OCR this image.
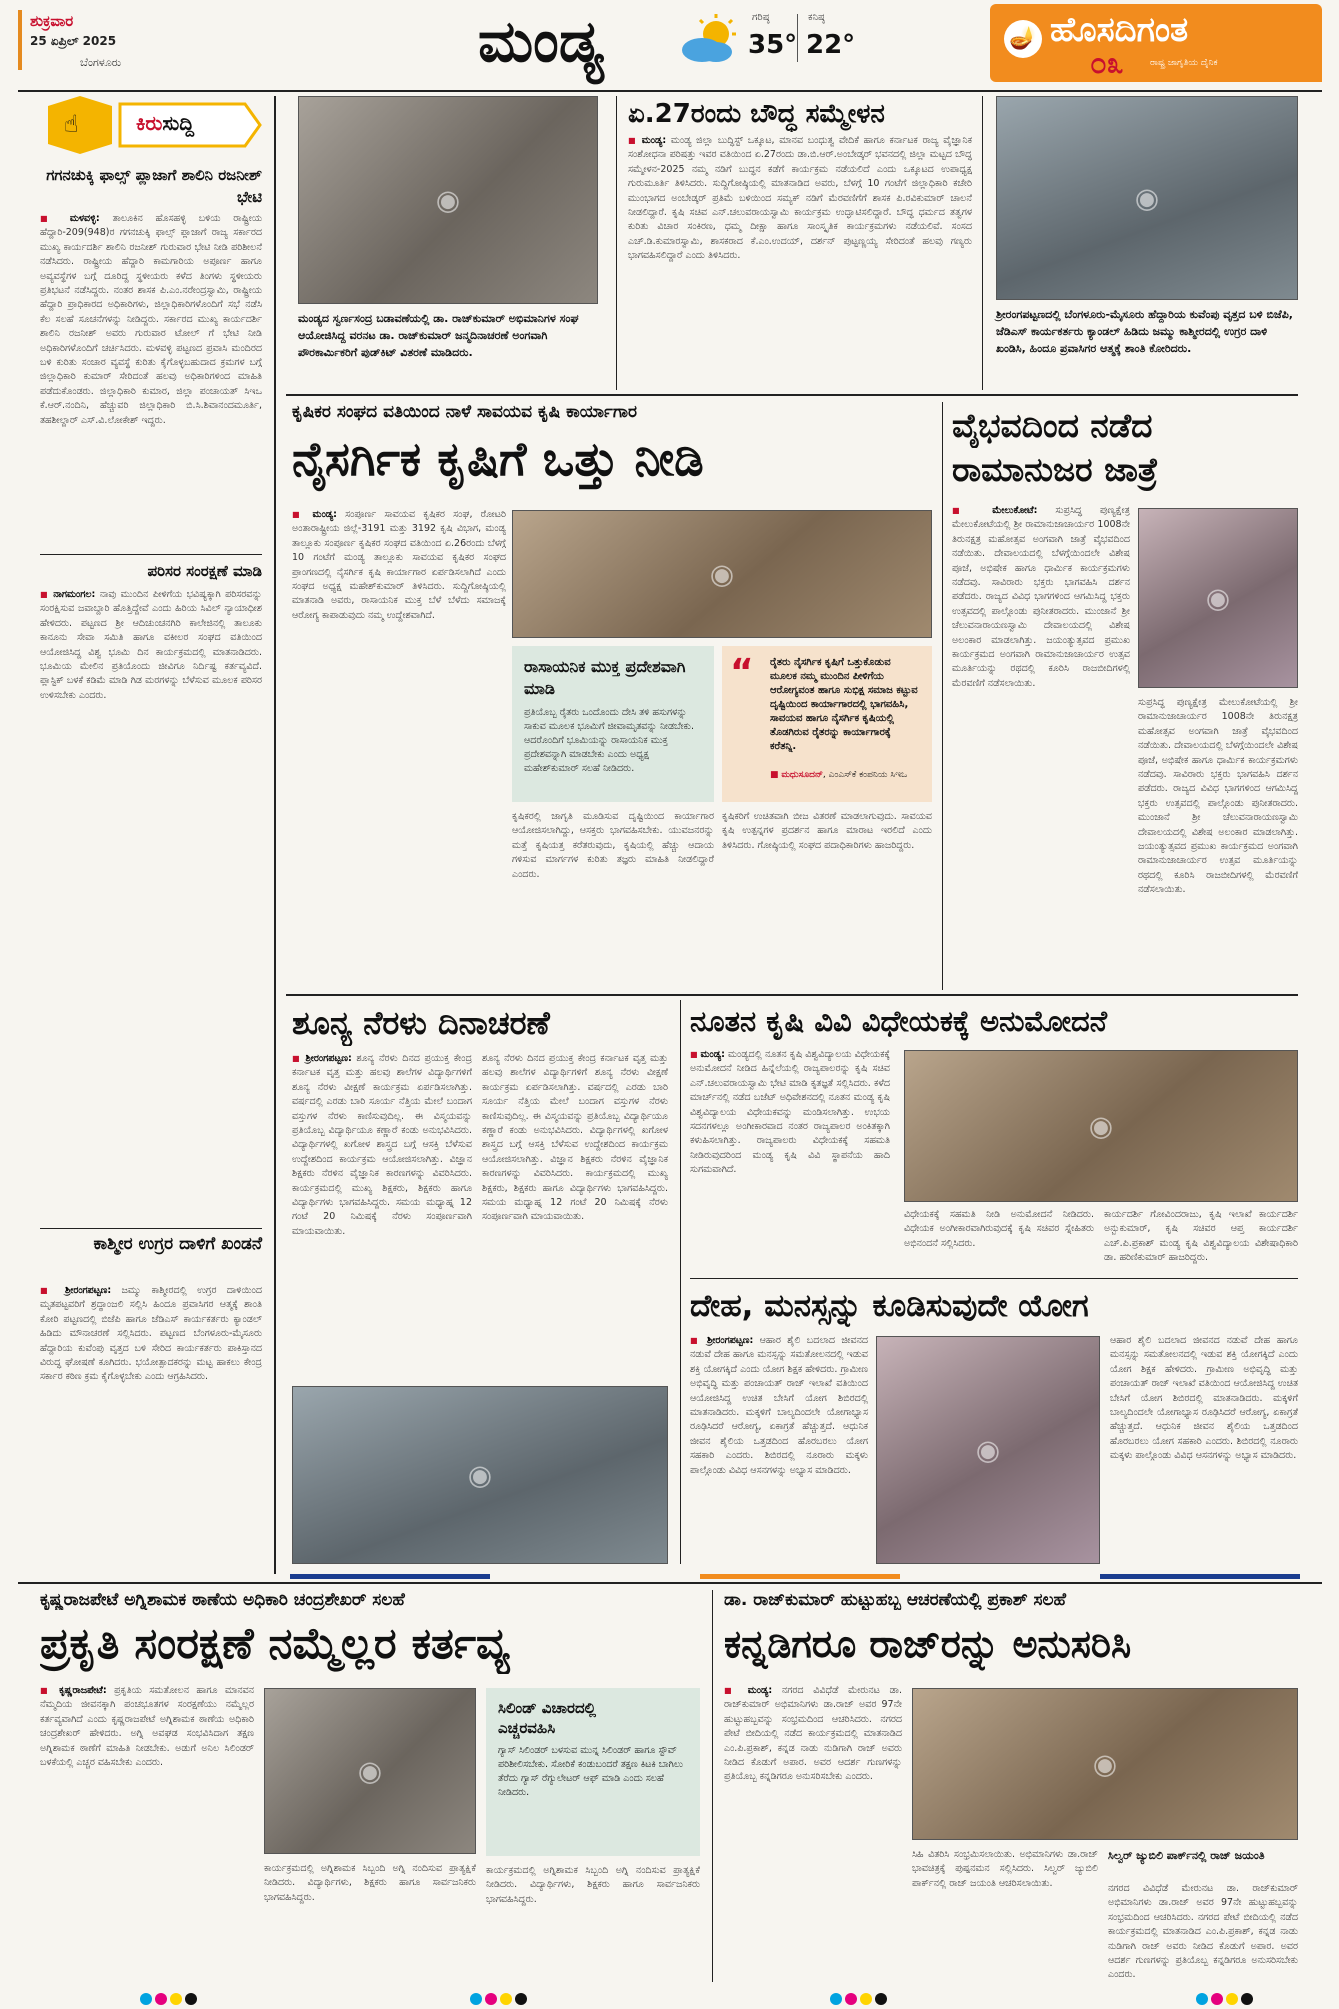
ಶುಕ್ರವಾರ
25 ಏಪ್ರಿಲ್ 2025
ಬೆಂಗಳೂರು	ಮಂಡ್ಯ	ಗರಿಷ್ಠ
35°
ಕನಿಷ್ಠ
22°	🪔 ಹೊಸದಿಗಂತ
ರಾಷ್ಟ್ರ ಜಾಗೃತಿಯ ದೈನಿಕ
೦೩
☝	ಕಿರುಸುದ್ದಿ
ಗಗನಚುಕ್ಕಿ ಫಾಲ್ಸ್ ಪ್ಲಾಜಾಗೆ ಶಾಲಿನಿ ರಜನೀಶ್ ಭೇಟಿ
■ ಮಳವಳ್ಳಿ: ತಾಲೂಕಿನ ಹೊಸಹಳ್ಳಿ ಬಳಿಯ ರಾಷ್ಟ್ರೀಯ ಹೆದ್ದಾರಿ-209(948)ರ ಗಗನಚುಕ್ಕಿ ಫಾಲ್ಸ್ ಪ್ಲಾಜಾಗೆ ರಾಜ್ಯ ಸರ್ಕಾರದ ಮುಖ್ಯ ಕಾರ್ಯದರ್ಶಿ ಶಾಲಿನಿ ರಜನೀಶ್ ಗುರುವಾರ ಭೇಟಿ ನೀಡಿ ಪರಿಶೀಲನೆ ನಡೆಸಿದರು. ರಾಷ್ಟ್ರೀಯ ಹೆದ್ದಾರಿ ಕಾಮಗಾರಿಯ ಅಪೂರ್ಣ ಹಾಗೂ ಅವ್ಯವಸ್ಥೆಗಳ ಬಗ್ಗೆ ದೂರಿದ್ದ ಸ್ಥಳೀಯರು ಕಳೆದ ತಿಂಗಳು ಸ್ಥಳೀಯರು ಪ್ರತಿಭಟನೆ ನಡೆಸಿದ್ದರು. ನಂತರ ಶಾಸಕ ಪಿ.ಎಂ.ನರೇಂದ್ರಸ್ವಾಮಿ, ರಾಷ್ಟ್ರೀಯ ಹೆದ್ದಾರಿ ಪ್ರಾಧಿಕಾರದ ಅಧಿಕಾರಿಗಳು, ಜಿಲ್ಲಾಧಿಕಾರಿಗಳೊಂದಿಗೆ ಸಭೆ ನಡೆಸಿ ಕೆಲ ಸಲಹೆ ಸೂಚನೆಗಳನ್ನು ನೀಡಿದ್ದರು. ಸರ್ಕಾರದ ಮುಖ್ಯ ಕಾರ್ಯದರ್ಶಿ ಶಾಲಿನಿ ರಜನೀಶ್ ಅವರು ಗುರುವಾರ ಟೋಲ್ ಗೆ ಭೇಟಿ ನೀಡಿ ಅಧಿಕಾರಿಗಳೊಂದಿಗೆ ಚರ್ಚಿಸಿದರು. ಮಳವಳ್ಳಿ ಪಟ್ಟಣದ ಪ್ರವಾಸಿ ಮಂದಿರದ ಬಳಿ ಕುರಿತು ಸಂಚಾರ ವ್ಯವಸ್ಥೆ ಕುರಿತು ಕೈಗೊಳ್ಳಬಹುದಾದ ಕ್ರಮಗಳ ಬಗ್ಗೆ ಜಿಲ್ಲಾಧಿಕಾರಿ ಕುಮಾರ್ ಸೇರಿದಂತೆ ಹಲವು ಅಧಿಕಾರಿಗಳಿಂದ ಮಾಹಿತಿ ಪಡೆದುಕೊಂಡರು. ಜಿಲ್ಲಾಧಿಕಾರಿ ಕುಮಾರ, ಜಿಲ್ಲಾ ಪಂಚಾಯತ್ ಸಿಇಒ ಕೆ.ಆರ್.ನಂದಿನಿ, ಹೆಚ್ಚುವರಿ ಜಿಲ್ಲಾಧಿಕಾರಿ ಬಿ.ಸಿ.ಶಿವಾನಂದಮೂರ್ತಿ, ತಹಶೀಲ್ದಾರ್ ಎಸ್.ವಿ.ಲೋಕೇಶ್ ಇದ್ದರು.
ಪರಿಸರ ಸಂರಕ್ಷಣೆ ಮಾಡಿ
■ ನಾಗಮಂಗಲ: ನಾವು ಮುಂದಿನ ಪೀಳಿಗೆಯ ಭವಿಷ್ಯಕ್ಕಾಗಿ ಪರಿಸರವನ್ನು ಸಂರಕ್ಷಿಸುವ ಜವಾಬ್ದಾರಿ ಹೊತ್ತಿದ್ದೇವೆ ಎಂದು ಹಿರಿಯ ಸಿವಿಲ್ ನ್ಯಾಯಾಧೀಶ ಹೇಳಿದರು. ಪಟ್ಟಣದ ಶ್ರೀ ಆದಿಚುಂಚನಗಿರಿ ಕಾಲೇಜಿನಲ್ಲಿ ತಾಲೂಕು ಕಾನೂನು ಸೇವಾ ಸಮಿತಿ ಹಾಗೂ ವಕೀಲರ ಸಂಘದ ವತಿಯಿಂದ ಆಯೋಜಿಸಿದ್ದ ವಿಶ್ವ ಭೂಮಿ ದಿನ ಕಾರ್ಯಕ್ರಮದಲ್ಲಿ ಮಾತನಾಡಿದರು. ಭೂಮಿಯ ಮೇಲಿನ ಪ್ರತಿಯೊಂದು ಜೀವಿಗೂ ನಿರ್ದಿಷ್ಟ ಕರ್ತವ್ಯವಿದೆ. ಪ್ಲಾಸ್ಟಿಕ್ ಬಳಕೆ ಕಡಿಮೆ ಮಾಡಿ ಗಿಡ ಮರಗಳನ್ನು ಬೆಳೆಸುವ ಮೂಲಕ ಪರಿಸರ ಉಳಿಸಬೇಕು ಎಂದರು.
ಕಾಶ್ಮೀರ ಉಗ್ರರ ದಾಳಿಗೆ ಖಂಡನೆ
■ ಶ್ರೀರಂಗಪಟ್ಟಣ: ಜಮ್ಮು ಕಾಶ್ಮೀರದಲ್ಲಿ ಉಗ್ರರ ದಾಳಿಯಿಂದ ಮೃತಪಟ್ಟವರಿಗೆ ಶ್ರದ್ಧಾಂಜಲಿ ಸಲ್ಲಿಸಿ ಹಿಂದೂ ಪ್ರವಾಸಿಗರ ಆತ್ಮಕ್ಕೆ ಶಾಂತಿ ಕೋರಿ ಪಟ್ಟಣದಲ್ಲಿ ಬಿಜೆಪಿ ಹಾಗೂ ಜೆಡಿಎಸ್ ಕಾರ್ಯಕರ್ತರು ಕ್ಯಾಂಡಲ್ ಹಿಡಿದು ಮೌನಾಚರಣೆ ಸಲ್ಲಿಸಿದರು. ಪಟ್ಟಣದ ಬೆಂಗಳೂರು-ಮೈಸೂರು ಹೆದ್ದಾರಿಯ ಕುವೆಂಪು ವೃತ್ತದ ಬಳಿ ಸೇರಿದ ಕಾರ್ಯಕರ್ತರು ಪಾಕಿಸ್ತಾನದ ವಿರುದ್ಧ ಘೋಷಣೆ ಕೂಗಿದರು. ಭಯೋತ್ಪಾದಕರನ್ನು ಮಟ್ಟ ಹಾಕಲು ಕೇಂದ್ರ ಸರ್ಕಾರ ಕಠಿಣ ಕ್ರಮ ಕೈಗೊಳ್ಳಬೇಕು ಎಂದು ಆಗ್ರಹಿಸಿದರು.
◉
ಮಂಡ್ಯದ ಸ್ವರ್ಣಸಂದ್ರ ಬಡಾವಣೆಯಲ್ಲಿ ಡಾ. ರಾಜ್‌ಕುಮಾರ್ ಅಭಿಮಾನಿಗಳ ಸಂಘ ಆಯೋಜಿಸಿದ್ದ ವರನಟ ಡಾ. ರಾಜ್‌ಕುಮಾರ್ ಜನ್ಮದಿನಾಚರಣೆ ಅಂಗವಾಗಿ ಪೌರಕಾರ್ಮಿಕರಿಗೆ ಪುಡ್‌ಕಿಟ್ ವಿತರಣೆ ಮಾಡಿದರು.
ಏ.27ರಂದು ಬೌದ್ಧ ಸಮ್ಮೇಳನ
■ ಮಂಡ್ಯ: ಮಂಡ್ಯ ಜಿಲ್ಲಾ ಬುದ್ಧಿಸ್ಟ್ ಒಕ್ಕೂಟ, ಮಾನವ ಬಂಧುತ್ವ ವೇದಿಕೆ ಹಾಗೂ ಕರ್ನಾಟಕ ರಾಜ್ಯ ವೈಜ್ಞಾನಿಕ ಸಂಶೋಧನಾ ಪರಿಷತ್ತು ಇವರ ವತಿಯಿಂದ ಏ.27ರಂದು ಡಾ.ಬಿ.ಆರ್.ಅಂಬೇಡ್ಕರ್ ಭವನದಲ್ಲಿ ಜಿಲ್ಲಾ ಮಟ್ಟದ ಬೌದ್ಧ ಸಮ್ಮೇಳನ-2025 ನಮ್ಮ ನಡಿಗೆ ಬುದ್ಧನ ಕಡೆಗೆ ಕಾರ್ಯಕ್ರಮ ನಡೆಯಲಿದೆ ಎಂದು ಒಕ್ಕೂಟದ ಉಪಾಧ್ಯಕ್ಷ ಗುರುಮೂರ್ತಿ ತಿಳಿಸಿದರು. ಸುದ್ದಿಗೋಷ್ಠಿಯಲ್ಲಿ ಮಾತನಾಡಿದ ಅವರು, ಬೆಳಗ್ಗೆ 10 ಗಂಟೆಗೆ ಜಿಲ್ಲಾಧಿಕಾರಿ ಕಚೇರಿ ಮುಂಭಾಗದ ಅಂಬೇಡ್ಕರ್ ಪ್ರತಿಮೆ ಬಳಿಯಿಂದ ಸಮ್ಯಕ್ ನಡಿಗೆ ಮೆರವಣಿಗೆಗೆ ಶಾಸಕ ಪಿ.ರವಿಕುಮಾರ್ ಚಾಲನೆ ನೀಡಲಿದ್ದಾರೆ. ಕೃಷಿ ಸಚಿವ ಎನ್.ಚಲುವರಾಯಸ್ವಾಮಿ ಕಾರ್ಯಕ್ರಮ ಉದ್ಘಾಟಿಸಲಿದ್ದಾರೆ. ಬೌದ್ಧ ಧರ್ಮದ ತತ್ವಗಳ ಕುರಿತು ವಿಚಾರ ಸಂಕಿರಣ, ಧಮ್ಮ ದೀಕ್ಷಾ ಹಾಗೂ ಸಾಂಸ್ಕೃತಿಕ ಕಾರ್ಯಕ್ರಮಗಳು ನಡೆಯಲಿವೆ. ಸಂಸದ ಎಚ್.ಡಿ.ಕುಮಾರಸ್ವಾಮಿ, ಶಾಸಕರಾದ ಕೆ.ಎಂ.ಉದಯ್, ದರ್ಶನ್ ಪುಟ್ಟಣ್ಣಯ್ಯ ಸೇರಿದಂತೆ ಹಲವು ಗಣ್ಯರು ಭಾಗವಹಿಸಲಿದ್ದಾರೆ ಎಂದು ತಿಳಿಸಿದರು.
◉
ಶ್ರೀರಂಗಪಟ್ಟಣದಲ್ಲಿ ಬೆಂಗಳೂರು-ಮೈಸೂರು ಹೆದ್ದಾರಿಯ ಕುವೆಂಪು ವೃತ್ತದ ಬಳಿ ಬಿಜೆಪಿ, ಜೆಡಿಎಸ್ ಕಾರ್ಯಕರ್ತರು ಕ್ಯಾಂಡಲ್ ಹಿಡಿದು ಜಮ್ಮು ಕಾಶ್ಮೀರದಲ್ಲಿ ಉಗ್ರರ ದಾಳಿ ಖಂಡಿಸಿ, ಹಿಂದೂ ಪ್ರವಾಸಿಗರ ಆತ್ಮಕ್ಕೆ ಶಾಂತಿ ಕೋರಿದರು.
ಕೃಷಿಕರ ಸಂಘದ ವತಿಯಿಂದ ನಾಳೆ ಸಾವಯವ ಕೃಷಿ ಕಾರ್ಯಾಗಾರ
ನೈಸರ್ಗಿಕ ಕೃಷಿಗೆ ಒತ್ತು ನೀಡಿ
■ ಮಂಡ್ಯ: ಸಂಪೂರ್ಣ ಸಾವಯವ ಕೃಷಿಕರ ಸಂಘ, ರೋಟರಿ ಅಂತಾರಾಷ್ಟ್ರೀಯ ಜಿಲ್ಲೆ-3191 ಮತ್ತು 3192 ಕೃಷಿ ವಿಭಾಗ, ಮಂಡ್ಯ ತಾಲ್ಲೂಕು ಸಂಪೂರ್ಣ ಕೃಷಿಕರ ಸಂಘದ ವತಿಯಿಂದ ಏ.26ರಂದು ಬೆಳಗ್ಗೆ 10 ಗಂಟೆಗೆ ಮಂಡ್ಯ ತಾಲ್ಲೂಕು ಸಾವಯವ ಕೃಷಿಕರ ಸಂಘದ ಪ್ರಾಂಗಣದಲ್ಲಿ ನೈಸರ್ಗಿಕ ಕೃಷಿ ಕಾರ್ಯಾಗಾರ ಏರ್ಪಡಿಸಲಾಗಿದೆ ಎಂದು ಸಂಘದ ಅಧ್ಯಕ್ಷ ಮಹೇಶ್‌ಕುಮಾರ್ ತಿಳಿಸಿದರು. ಸುದ್ದಿಗೋಷ್ಠಿಯಲ್ಲಿ ಮಾತನಾಡಿ ಅವರು, ರಾಸಾಯನಿಕ ಮುಕ್ತ ಬೆಳೆ ಬೆಳೆದು ಸಮಾಜಕ್ಕೆ ಆರೋಗ್ಯ ಕಾಪಾಡುವುದು ನಮ್ಮ ಉದ್ದೇಶವಾಗಿದೆ.
◉
ರಾಸಾಯನಿಕ ಮುಕ್ತ ಪ್ರದೇಶವಾಗಿ ಮಾಡಿ
ಪ್ರತಿಯೊಬ್ಬ ರೈತರು ಒಂದೊಂದು ದೇಸಿ ತಳಿ ಹಸುಗಳನ್ನು ಸಾಕುವ ಮೂಲಕ ಭೂಮಿಗೆ ಜೀವಾಮೃತವನ್ನು ನೀಡಬೇಕು. ಆದರೊಂದಿಗೆ ಭೂಮಿಯನ್ನು ರಾಸಾಯನಿಕ ಮುಕ್ತ ಪ್ರದೇಶವನ್ನಾಗಿ ಮಾಡಬೇಕು ಎಂದು ಅಧ್ಯಕ್ಷ ಮಹೇಶ್‌ಕುಮಾರ್ ಸಲಹೆ ನೀಡಿದರು.
“ ರೈತರು ನೈಸರ್ಗಿಕ ಕೃಷಿಗೆ ಒತ್ತುಕೊಡುವ ಮೂಲಕ ನಮ್ಮ ಮುಂದಿನ ಪೀಳಿಗೆಯ ಆರೋಗ್ಯವಂತ ಹಾಗೂ ಸುಭಿಕ್ಷ ಸಮಾಜ ಕಟ್ಟುವ ದೃಷ್ಟಿಯಿಂದ ಕಾರ್ಯಾಗಾರದಲ್ಲಿ ಭಾಗವಹಿಸಿ, ಸಾವಯವ ಹಾಗೂ ನೈಸರ್ಗಿಕ ಕೃಷಿಯಲ್ಲಿ ತೊಡಗಿರುವ ರೈತರನ್ನು ಕಾರ್ಯಾಗಾರಕ್ಕೆ ಕರೆತನ್ನಿ.
■ ಮಧುಸೂದನ್, ಎಂಎಸ್‌ಕೆ ಕಂಪನಿಯ ಸಿಇಒ
ಕೃಷಿಕರಲ್ಲಿ ಜಾಗೃತಿ ಮೂಡಿಸುವ ದೃಷ್ಟಿಯಿಂದ ಕಾರ್ಯಾಗಾರ ಆಯೋಜಿಸಲಾಗಿದ್ದು, ಆಸಕ್ತರು ಭಾಗವಹಿಸಬೇಕು. ಯುವಜನರನ್ನು ಮತ್ತೆ ಕೃಷಿಯತ್ತ ಕರೆತರುವುದು, ಕೃಷಿಯಲ್ಲಿ ಹೆಚ್ಚು ಆದಾಯ ಗಳಿಸುವ ಮಾರ್ಗಗಳ ಕುರಿತು ತಜ್ಞರು ಮಾಹಿತಿ ನೀಡಲಿದ್ದಾರೆ ಎಂದರು.
ಕೃಷಿಕರಿಗೆ ಉಚಿತವಾಗಿ ಬೀಜ ವಿತರಣೆ ಮಾಡಲಾಗುವುದು. ಸಾವಯವ ಕೃಷಿ ಉತ್ಪನ್ನಗಳ ಪ್ರದರ್ಶನ ಹಾಗೂ ಮಾರಾಟ ಇರಲಿದೆ ಎಂದು ತಿಳಿಸಿದರು. ಗೋಷ್ಠಿಯಲ್ಲಿ ಸಂಘದ ಪದಾಧಿಕಾರಿಗಳು ಹಾಜರಿದ್ದರು.
ವೈಭವದಿಂದ ನಡೆದ
ರಾಮಾನುಜರ ಜಾತ್ರೆ
■ ಮೇಲುಕೋಟೆ: ಸುಪ್ರಸಿದ್ಧ ಪುಣ್ಯಕ್ಷೇತ್ರ ಮೇಲುಕೋಟೆಯಲ್ಲಿ ಶ್ರೀ ರಾಮಾನುಜಾಚಾರ್ಯರ 1008ನೇ ತಿರುನಕ್ಷತ್ರ ಮಹೋತ್ಸವ ಅಂಗವಾಗಿ ಜಾತ್ರೆ ವೈಭವದಿಂದ ನಡೆಯಿತು. ದೇವಾಲಯದಲ್ಲಿ ಬೆಳಗ್ಗೆಯಿಂದಲೇ ವಿಶೇಷ ಪೂಜೆ, ಅಭಿಷೇಕ ಹಾಗೂ ಧಾರ್ಮಿಕ ಕಾರ್ಯಕ್ರಮಗಳು ನಡೆದವು. ಸಾವಿರಾರು ಭಕ್ತರು ಭಾಗವಹಿಸಿ ದರ್ಶನ ಪಡೆದರು. ರಾಜ್ಯದ ವಿವಿಧ ಭಾಗಗಳಿಂದ ಆಗಮಿಸಿದ್ದ ಭಕ್ತರು ಉತ್ಸವದಲ್ಲಿ ಪಾಲ್ಗೊಂಡು ಪುನೀತರಾದರು. ಮುಂಜಾನೆ ಶ್ರೀ ಚೆಲುವನಾರಾಯಣಸ್ವಾಮಿ ದೇವಾಲಯದಲ್ಲಿ ವಿಶೇಷ ಅಲಂಕಾರ ಮಾಡಲಾಗಿತ್ತು. ಜಯಂತ್ಯುತ್ಸವದ ಪ್ರಮುಖ ಕಾರ್ಯಕ್ರಮದ ಅಂಗವಾಗಿ ರಾಮಾನುಜಾಚಾರ್ಯರ ಉತ್ಸವ ಮೂರ್ತಿಯನ್ನು ರಥದಲ್ಲಿ ಕೂರಿಸಿ ರಾಜಬೀದಿಗಳಲ್ಲಿ ಮೆರವಣಿಗೆ ನಡೆಸಲಾಯಿತು.
◉
ಸುಪ್ರಸಿದ್ಧ ಪುಣ್ಯಕ್ಷೇತ್ರ ಮೇಲುಕೋಟೆಯಲ್ಲಿ ಶ್ರೀ ರಾಮಾನುಜಾಚಾರ್ಯರ 1008ನೇ ತಿರುನಕ್ಷತ್ರ ಮಹೋತ್ಸವ ಅಂಗವಾಗಿ ಜಾತ್ರೆ ವೈಭವದಿಂದ ನಡೆಯಿತು. ದೇವಾಲಯದಲ್ಲಿ ಬೆಳಗ್ಗೆಯಿಂದಲೇ ವಿಶೇಷ ಪೂಜೆ, ಅಭಿಷೇಕ ಹಾಗೂ ಧಾರ್ಮಿಕ ಕಾರ್ಯಕ್ರಮಗಳು ನಡೆದವು. ಸಾವಿರಾರು ಭಕ್ತರು ಭಾಗವಹಿಸಿ ದರ್ಶನ ಪಡೆದರು. ರಾಜ್ಯದ ವಿವಿಧ ಭಾಗಗಳಿಂದ ಆಗಮಿಸಿದ್ದ ಭಕ್ತರು ಉತ್ಸವದಲ್ಲಿ ಪಾಲ್ಗೊಂಡು ಪುನೀತರಾದರು. ಮುಂಜಾನೆ ಶ್ರೀ ಚೆಲುವನಾರಾಯಣಸ್ವಾಮಿ ದೇವಾಲಯದಲ್ಲಿ ವಿಶೇಷ ಅಲಂಕಾರ ಮಾಡಲಾಗಿತ್ತು. ಜಯಂತ್ಯುತ್ಸವದ ಪ್ರಮುಖ ಕಾರ್ಯಕ್ರಮದ ಅಂಗವಾಗಿ ರಾಮಾನುಜಾಚಾರ್ಯರ ಉತ್ಸವ ಮೂರ್ತಿಯನ್ನು ರಥದಲ್ಲಿ ಕೂರಿಸಿ ರಾಜಬೀದಿಗಳಲ್ಲಿ ಮೆರವಣಿಗೆ ನಡೆಸಲಾಯಿತು.
ಶೂನ್ಯ ನೆರಳು ದಿನಾಚರಣೆ
■ ಶ್ರೀರಂಗಪಟ್ಟಣ: ಶೂನ್ಯ ನೆರಳು ದಿನದ ಪ್ರಯುಕ್ತ ಕೇಂದ್ರ ಕರ್ನಾಟಕ ವೃತ್ತ ಮತ್ತು ಹಲವು ಶಾಲೆಗಳ ವಿದ್ಯಾರ್ಥಿಗಳಿಗೆ ಶೂನ್ಯ ನೆರಳು ವೀಕ್ಷಣೆ ಕಾರ್ಯಕ್ರಮ ಏರ್ಪಡಿಸಲಾಗಿತ್ತು. ವರ್ಷದಲ್ಲಿ ಎರಡು ಬಾರಿ ಸೂರ್ಯ ನೆತ್ತಿಯ ಮೇಲೆ ಬಂದಾಗ ವಸ್ತುಗಳ ನೆರಳು ಕಾಣಿಸುವುದಿಲ್ಲ. ಈ ವಿಸ್ಮಯವನ್ನು ಪ್ರತಿಯೊಬ್ಬ ವಿದ್ಯಾರ್ಥಿಯೂ ಕಣ್ಣಾರೆ ಕಂಡು ಅನುಭವಿಸಿದರು. ವಿದ್ಯಾರ್ಥಿಗಳಲ್ಲಿ ಖಗೋಳ ಶಾಸ್ತ್ರದ ಬಗ್ಗೆ ಆಸಕ್ತಿ ಬೆಳೆಸುವ ಉದ್ದೇಶದಿಂದ ಕಾರ್ಯಕ್ರಮ ಆಯೋಜಿಸಲಾಗಿತ್ತು. ವಿಜ್ಞಾನ ಶಿಕ್ಷಕರು ನೆರಳಿನ ವೈಜ್ಞಾನಿಕ ಕಾರಣಗಳನ್ನು ವಿವರಿಸಿದರು. ಕಾರ್ಯಕ್ರಮದಲ್ಲಿ ಮುಖ್ಯ ಶಿಕ್ಷಕರು, ಶಿಕ್ಷಕರು ಹಾಗೂ ವಿದ್ಯಾರ್ಥಿಗಳು ಭಾಗವಹಿಸಿದ್ದರು. ಸಮಯ ಮಧ್ಯಾಹ್ನ 12 ಗಂಟೆ 20 ನಿಮಿಷಕ್ಕೆ ನೆರಳು ಸಂಪೂರ್ಣವಾಗಿ ಮಾಯವಾಯಿತು.
ಶೂನ್ಯ ನೆರಳು ದಿನದ ಪ್ರಯುಕ್ತ ಕೇಂದ್ರ ಕರ್ನಾಟಕ ವೃತ್ತ ಮತ್ತು ಹಲವು ಶಾಲೆಗಳ ವಿದ್ಯಾರ್ಥಿಗಳಿಗೆ ಶೂನ್ಯ ನೆರಳು ವೀಕ್ಷಣೆ ಕಾರ್ಯಕ್ರಮ ಏರ್ಪಡಿಸಲಾಗಿತ್ತು. ವರ್ಷದಲ್ಲಿ ಎರಡು ಬಾರಿ ಸೂರ್ಯ ನೆತ್ತಿಯ ಮೇಲೆ ಬಂದಾಗ ವಸ್ತುಗಳ ನೆರಳು ಕಾಣಿಸುವುದಿಲ್ಲ. ಈ ವಿಸ್ಮಯವನ್ನು ಪ್ರತಿಯೊಬ್ಬ ವಿದ್ಯಾರ್ಥಿಯೂ ಕಣ್ಣಾರೆ ಕಂಡು ಅನುಭವಿಸಿದರು. ವಿದ್ಯಾರ್ಥಿಗಳಲ್ಲಿ ಖಗೋಳ ಶಾಸ್ತ್ರದ ಬಗ್ಗೆ ಆಸಕ್ತಿ ಬೆಳೆಸುವ ಉದ್ದೇಶದಿಂದ ಕಾರ್ಯಕ್ರಮ ಆಯೋಜಿಸಲಾಗಿತ್ತು. ವಿಜ್ಞಾನ ಶಿಕ್ಷಕರು ನೆರಳಿನ ವೈಜ್ಞಾನಿಕ ಕಾರಣಗಳನ್ನು ವಿವರಿಸಿದರು. ಕಾರ್ಯಕ್ರಮದಲ್ಲಿ ಮುಖ್ಯ ಶಿಕ್ಷಕರು, ಶಿಕ್ಷಕರು ಹಾಗೂ ವಿದ್ಯಾರ್ಥಿಗಳು ಭಾಗವಹಿಸಿದ್ದರು. ಸಮಯ ಮಧ್ಯಾಹ್ನ 12 ಗಂಟೆ 20 ನಿಮಿಷಕ್ಕೆ ನೆರಳು ಸಂಪೂರ್ಣವಾಗಿ ಮಾಯವಾಯಿತು.
◉
ನೂತನ ಕೃಷಿ ವಿವಿ ವಿಧೇಯಕಕ್ಕೆ ಅನುಮೋದನೆ
■ ಮಂಡ್ಯ: ಮಂಡ್ಯದಲ್ಲಿ ನೂತನ ಕೃಷಿ ವಿಶ್ವವಿದ್ಯಾಲಯ ವಿಧೇಯಕಕ್ಕೆ ಅನುಮೋದನೆ ನೀಡಿದ ಹಿನ್ನೆಲೆಯಲ್ಲಿ ರಾಜ್ಯಪಾಲರನ್ನು ಕೃಷಿ ಸಚಿವ ಎನ್.ಚಲುವರಾಯಸ್ವಾಮಿ ಭೇಟಿ ಮಾಡಿ ಕೃತಜ್ಞತೆ ಸಲ್ಲಿಸಿದರು. ಕಳೆದ ಮಾರ್ಚ್‌ನಲ್ಲಿ ನಡೆದ ಬಜೆಟ್ ಅಧಿವೇಶನದಲ್ಲಿ ನೂತನ ಮಂಡ್ಯ ಕೃಷಿ ವಿಶ್ವವಿದ್ಯಾಲಯ ವಿಧೇಯಕವನ್ನು ಮಂಡಿಸಲಾಗಿತ್ತು. ಉಭಯ ಸದನಗಳಲ್ಲೂ ಅಂಗೀಕಾರವಾದ ನಂತರ ರಾಜ್ಯಪಾಲರ ಅಂಕಿತಕ್ಕಾಗಿ ಕಳುಹಿಸಲಾಗಿತ್ತು. ರಾಜ್ಯಪಾಲರು ವಿಧೇಯಕಕ್ಕೆ ಸಹಮತಿ ನೀಡಿರುವುದರಿಂದ ಮಂಡ್ಯ ಕೃಷಿ ವಿವಿ ಸ್ಥಾಪನೆಯ ಹಾದಿ ಸುಗಮವಾಗಿದೆ.
◉
ವಿಧೇಯಕಕ್ಕೆ ಸಹಮತಿ ನೀಡಿ ಅನುಮೋದನೆ ನೀಡಿದರು. ವಿಧೇಯಕ ಅಂಗೀಕಾರವಾಗಿರುವುದಕ್ಕೆ ಕೃಷಿ ಸಚಿವರ ಸ್ನೇಹಿತರು ಅಭಿನಂದನೆ ಸಲ್ಲಿಸಿದರು.
ಕಾರ್ಯದರ್ಶಿ ಗೋವಿಂದರಾಜು, ಕೃಷಿ ಇಲಾಖೆ ಕಾರ್ಯದರ್ಶಿ ಅನ್ಬುಕುಮಾರ್, ಕೃಷಿ ಸಚಿವರ ಆಪ್ತ ಕಾರ್ಯದರ್ಶಿ ಎಚ್.ಪಿ.ಪ್ರಕಾಶ್ ಮಂಡ್ಯ ಕೃಷಿ ವಿಶ್ವವಿದ್ಯಾಲಯ ವಿಶೇಷಾಧಿಕಾರಿ ಡಾ. ಹರಿಣಿಕುಮಾರ್ ಹಾಜರಿದ್ದರು.
ದೇಹ, ಮನಸ್ಸನ್ನು ಕೂಡಿಸುವುದೇ ಯೋಗ
■ ಶ್ರೀರಂಗಪಟ್ಟಣ: ಆಹಾರ ಶೈಲಿ ಬದಲಾದ ಜೀವನದ ನಡುವೆ ದೇಹ ಹಾಗೂ ಮನಸ್ಸನ್ನು ಸಮತೋಲನದಲ್ಲಿ ಇಡುವ ಶಕ್ತಿ ಯೋಗಕ್ಕಿದೆ ಎಂದು ಯೋಗ ಶಿಕ್ಷಕ ಹೇಳಿದರು. ಗ್ರಾಮೀಣ ಅಭಿವೃದ್ಧಿ ಮತ್ತು ಪಂಚಾಯತ್ ರಾಜ್ ಇಲಾಖೆ ವತಿಯಿಂದ ಆಯೋಜಿಸಿದ್ದ ಉಚಿತ ಬೇಸಿಗೆ ಯೋಗ ಶಿಬಿರದಲ್ಲಿ ಮಾತನಾಡಿದರು. ಮಕ್ಕಳಿಗೆ ಬಾಲ್ಯದಿಂದಲೇ ಯೋಗಾಭ್ಯಾಸ ರೂಢಿಸಿದರೆ ಆರೋಗ್ಯ, ಏಕಾಗ್ರತೆ ಹೆಚ್ಚುತ್ತದೆ. ಆಧುನಿಕ ಜೀವನ ಶೈಲಿಯ ಒತ್ತಡದಿಂದ ಹೊರಬರಲು ಯೋಗ ಸಹಕಾರಿ ಎಂದರು. ಶಿಬಿರದಲ್ಲಿ ನೂರಾರು ಮಕ್ಕಳು ಪಾಲ್ಗೊಂಡು ವಿವಿಧ ಆಸನಗಳನ್ನು ಅಭ್ಯಾಸ ಮಾಡಿದರು.
◉
ಆಹಾರ ಶೈಲಿ ಬದಲಾದ ಜೀವನದ ನಡುವೆ ದೇಹ ಹಾಗೂ ಮನಸ್ಸನ್ನು ಸಮತೋಲನದಲ್ಲಿ ಇಡುವ ಶಕ್ತಿ ಯೋಗಕ್ಕಿದೆ ಎಂದು ಯೋಗ ಶಿಕ್ಷಕ ಹೇಳಿದರು. ಗ್ರಾಮೀಣ ಅಭಿವೃದ್ಧಿ ಮತ್ತು ಪಂಚಾಯತ್ ರಾಜ್ ಇಲಾಖೆ ವತಿಯಿಂದ ಆಯೋಜಿಸಿದ್ದ ಉಚಿತ ಬೇಸಿಗೆ ಯೋಗ ಶಿಬಿರದಲ್ಲಿ ಮಾತನಾಡಿದರು. ಮಕ್ಕಳಿಗೆ ಬಾಲ್ಯದಿಂದಲೇ ಯೋಗಾಭ್ಯಾಸ ರೂಢಿಸಿದರೆ ಆರೋಗ್ಯ, ಏಕಾಗ್ರತೆ ಹೆಚ್ಚುತ್ತದೆ. ಆಧುನಿಕ ಜೀವನ ಶೈಲಿಯ ಒತ್ತಡದಿಂದ ಹೊರಬರಲು ಯೋಗ ಸಹಕಾರಿ ಎಂದರು. ಶಿಬಿರದಲ್ಲಿ ನೂರಾರು ಮಕ್ಕಳು ಪಾಲ್ಗೊಂಡು ವಿವಿಧ ಆಸನಗಳನ್ನು ಅಭ್ಯಾಸ ಮಾಡಿದರು.
ಕೃಷ್ಣರಾಜಪೇಟೆ ಅಗ್ನಿಶಾಮಕ ಠಾಣೆಯ ಅಧಿಕಾರಿ ಚಂದ್ರಶೇಖರ್ ಸಲಹೆ
ಪ್ರಕೃತಿ ಸಂರಕ್ಷಣೆ ನಮ್ಮೆಲ್ಲರ ಕರ್ತವ್ಯ
■ ಕೃಷ್ಣರಾಜಪೇಟೆ: ಪ್ರಕೃತಿಯ ಸಮತೋಲನ ಹಾಗೂ ಮಾನವನ ನೆಮ್ಮದಿಯ ಜೀವನಕ್ಕಾಗಿ ಪಂಚಭೂತಗಳ ಸಂರಕ್ಷಣೆಯು ನಮ್ಮೆಲ್ಲರ ಕರ್ತವ್ಯವಾಗಿದೆ ಎಂದು ಕೃಷ್ಣರಾಜಪೇಟೆ ಅಗ್ನಿಶಾಮಕ ಠಾಣೆಯ ಅಧಿಕಾರಿ ಚಂದ್ರಶೇಖರ್ ಹೇಳಿದರು. ಅಗ್ನಿ ಅವಘಡ ಸಂಭವಿಸಿದಾಗ ತಕ್ಷಣ ಅಗ್ನಿಶಾಮಕ ಠಾಣೆಗೆ ಮಾಹಿತಿ ನೀಡಬೇಕು. ಅಡುಗೆ ಅನಿಲ ಸಿಲಿಂಡರ್ ಬಳಕೆಯಲ್ಲಿ ಎಚ್ಚರ ವಹಿಸಬೇಕು ಎಂದರು.	◉
ಕಾರ್ಯಕ್ರಮದಲ್ಲಿ ಅಗ್ನಿಶಾಮಕ ಸಿಬ್ಬಂದಿ ಅಗ್ನಿ ನಂದಿಸುವ ಪ್ರಾತ್ಯಕ್ಷಿಕೆ ನೀಡಿದರು. ವಿದ್ಯಾರ್ಥಿಗಳು, ಶಿಕ್ಷಕರು ಹಾಗೂ ಸಾರ್ವಜನಿಕರು ಭಾಗವಹಿಸಿದ್ದರು.
ಸಿಲಿಂಡ್ ವಿಚಾರದಲ್ಲಿ
ಎಚ್ಚರವಹಿಸಿ
ಗ್ಯಾಸ್ ಸಿಲಿಂಡರ್ ಬಳಸುವ ಮುನ್ನ ಸಿಲಿಂಡರ್ ಹಾಗೂ ಸ್ಟೌವ್ ಪರಿಶೀಲಿಸಬೇಕು. ಸೋರಿಕೆ ಕಂಡುಬಂದರೆ ತಕ್ಷಣ ಕಿಟಕಿ ಬಾಗಿಲು ತೆರೆದು ಗ್ಯಾಸ್ ರೆಗ್ಯುಲೇಟರ್ ಆಫ್ ಮಾಡಿ ಎಂದು ಸಲಹೆ ನೀಡಿದರು.
ಕಾರ್ಯಕ್ರಮದಲ್ಲಿ ಅಗ್ನಿಶಾಮಕ ಸಿಬ್ಬಂದಿ ಅಗ್ನಿ ನಂದಿಸುವ ಪ್ರಾತ್ಯಕ್ಷಿಕೆ ನೀಡಿದರು. ವಿದ್ಯಾರ್ಥಿಗಳು, ಶಿಕ್ಷಕರು ಹಾಗೂ ಸಾರ್ವಜನಿಕರು ಭಾಗವಹಿಸಿದ್ದರು.
ಡಾ. ರಾಜ್‌ಕುಮಾರ್ ಹುಟ್ಟುಹಬ್ಬ ಆಚರಣೆಯಲ್ಲಿ ಪ್ರಕಾಶ್ ಸಲಹೆ
ಕನ್ನಡಿಗರೂ ರಾಜ್‌ರನ್ನು ಅನುಸರಿಸಿ
■ ಮಂಡ್ಯ: ನಗರದ ವಿವಿಧೆಡೆ ಮೇರುನಟ ಡಾ. ರಾಜ್‌ಕುಮಾರ್ ಅಭಿಮಾನಿಗಳು ಡಾ.ರಾಜ್ ಅವರ 97ನೇ ಹುಟ್ಟುಹಬ್ಬವನ್ನು ಸಂಭ್ರಮದಿಂದ ಆಚರಿಸಿದರು. ನಗರದ ಪೇಟೆ ಬೀದಿಯಲ್ಲಿ ನಡೆದ ಕಾರ್ಯಕ್ರಮದಲ್ಲಿ ಮಾತನಾಡಿದ ಎಂ.ಪಿ.ಪ್ರಕಾಶ್, ಕನ್ನಡ ನಾಡು ನುಡಿಗಾಗಿ ರಾಜ್ ಅವರು ನೀಡಿದ ಕೊಡುಗೆ ಅಪಾರ. ಅವರ ಆದರ್ಶ ಗುಣಗಳನ್ನು ಪ್ರತಿಯೊಬ್ಬ ಕನ್ನಡಿಗರೂ ಅನುಸರಿಸಬೇಕು ಎಂದರು.	◉
ಸಿಹಿ ವಿತರಿಸಿ ಸಂಭ್ರಮಿಸಲಾಯಿತು. ಅಭಿಮಾನಿಗಳು ಡಾ.ರಾಜ್ ಭಾವಚಿತ್ರಕ್ಕೆ ಪುಷ್ಪನಮನ ಸಲ್ಲಿಸಿದರು. ಸಿಲ್ವರ್ ಜ್ಯುಬಿಲಿ ಪಾರ್ಕ್‌ನಲ್ಲಿ ರಾಜ್ ಜಯಂತಿ ಆಚರಿಸಲಾಯಿತು.
ಸಿಲ್ವರ್ ಜ್ಯುಬಿಲಿ ಪಾರ್ಕ್‌ನಲ್ಲಿ ರಾಜ್ ಜಯಂತಿ
ನಗರದ ವಿವಿಧೆಡೆ ಮೇರುನಟ ಡಾ. ರಾಜ್‌ಕುಮಾರ್ ಅಭಿಮಾನಿಗಳು ಡಾ.ರಾಜ್ ಅವರ 97ನೇ ಹುಟ್ಟುಹಬ್ಬವನ್ನು ಸಂಭ್ರಮದಿಂದ ಆಚರಿಸಿದರು. ನಗರದ ಪೇಟೆ ಬೀದಿಯಲ್ಲಿ ನಡೆದ ಕಾರ್ಯಕ್ರಮದಲ್ಲಿ ಮಾತನಾಡಿದ ಎಂ.ಪಿ.ಪ್ರಕಾಶ್, ಕನ್ನಡ ನಾಡು ನುಡಿಗಾಗಿ ರಾಜ್ ಅವರು ನೀಡಿದ ಕೊಡುಗೆ ಅಪಾರ. ಅವರ ಆದರ್ಶ ಗುಣಗಳನ್ನು ಪ್ರತಿಯೊಬ್ಬ ಕನ್ನಡಿಗರೂ ಅನುಸರಿಸಬೇಕು ಎಂದರು.
